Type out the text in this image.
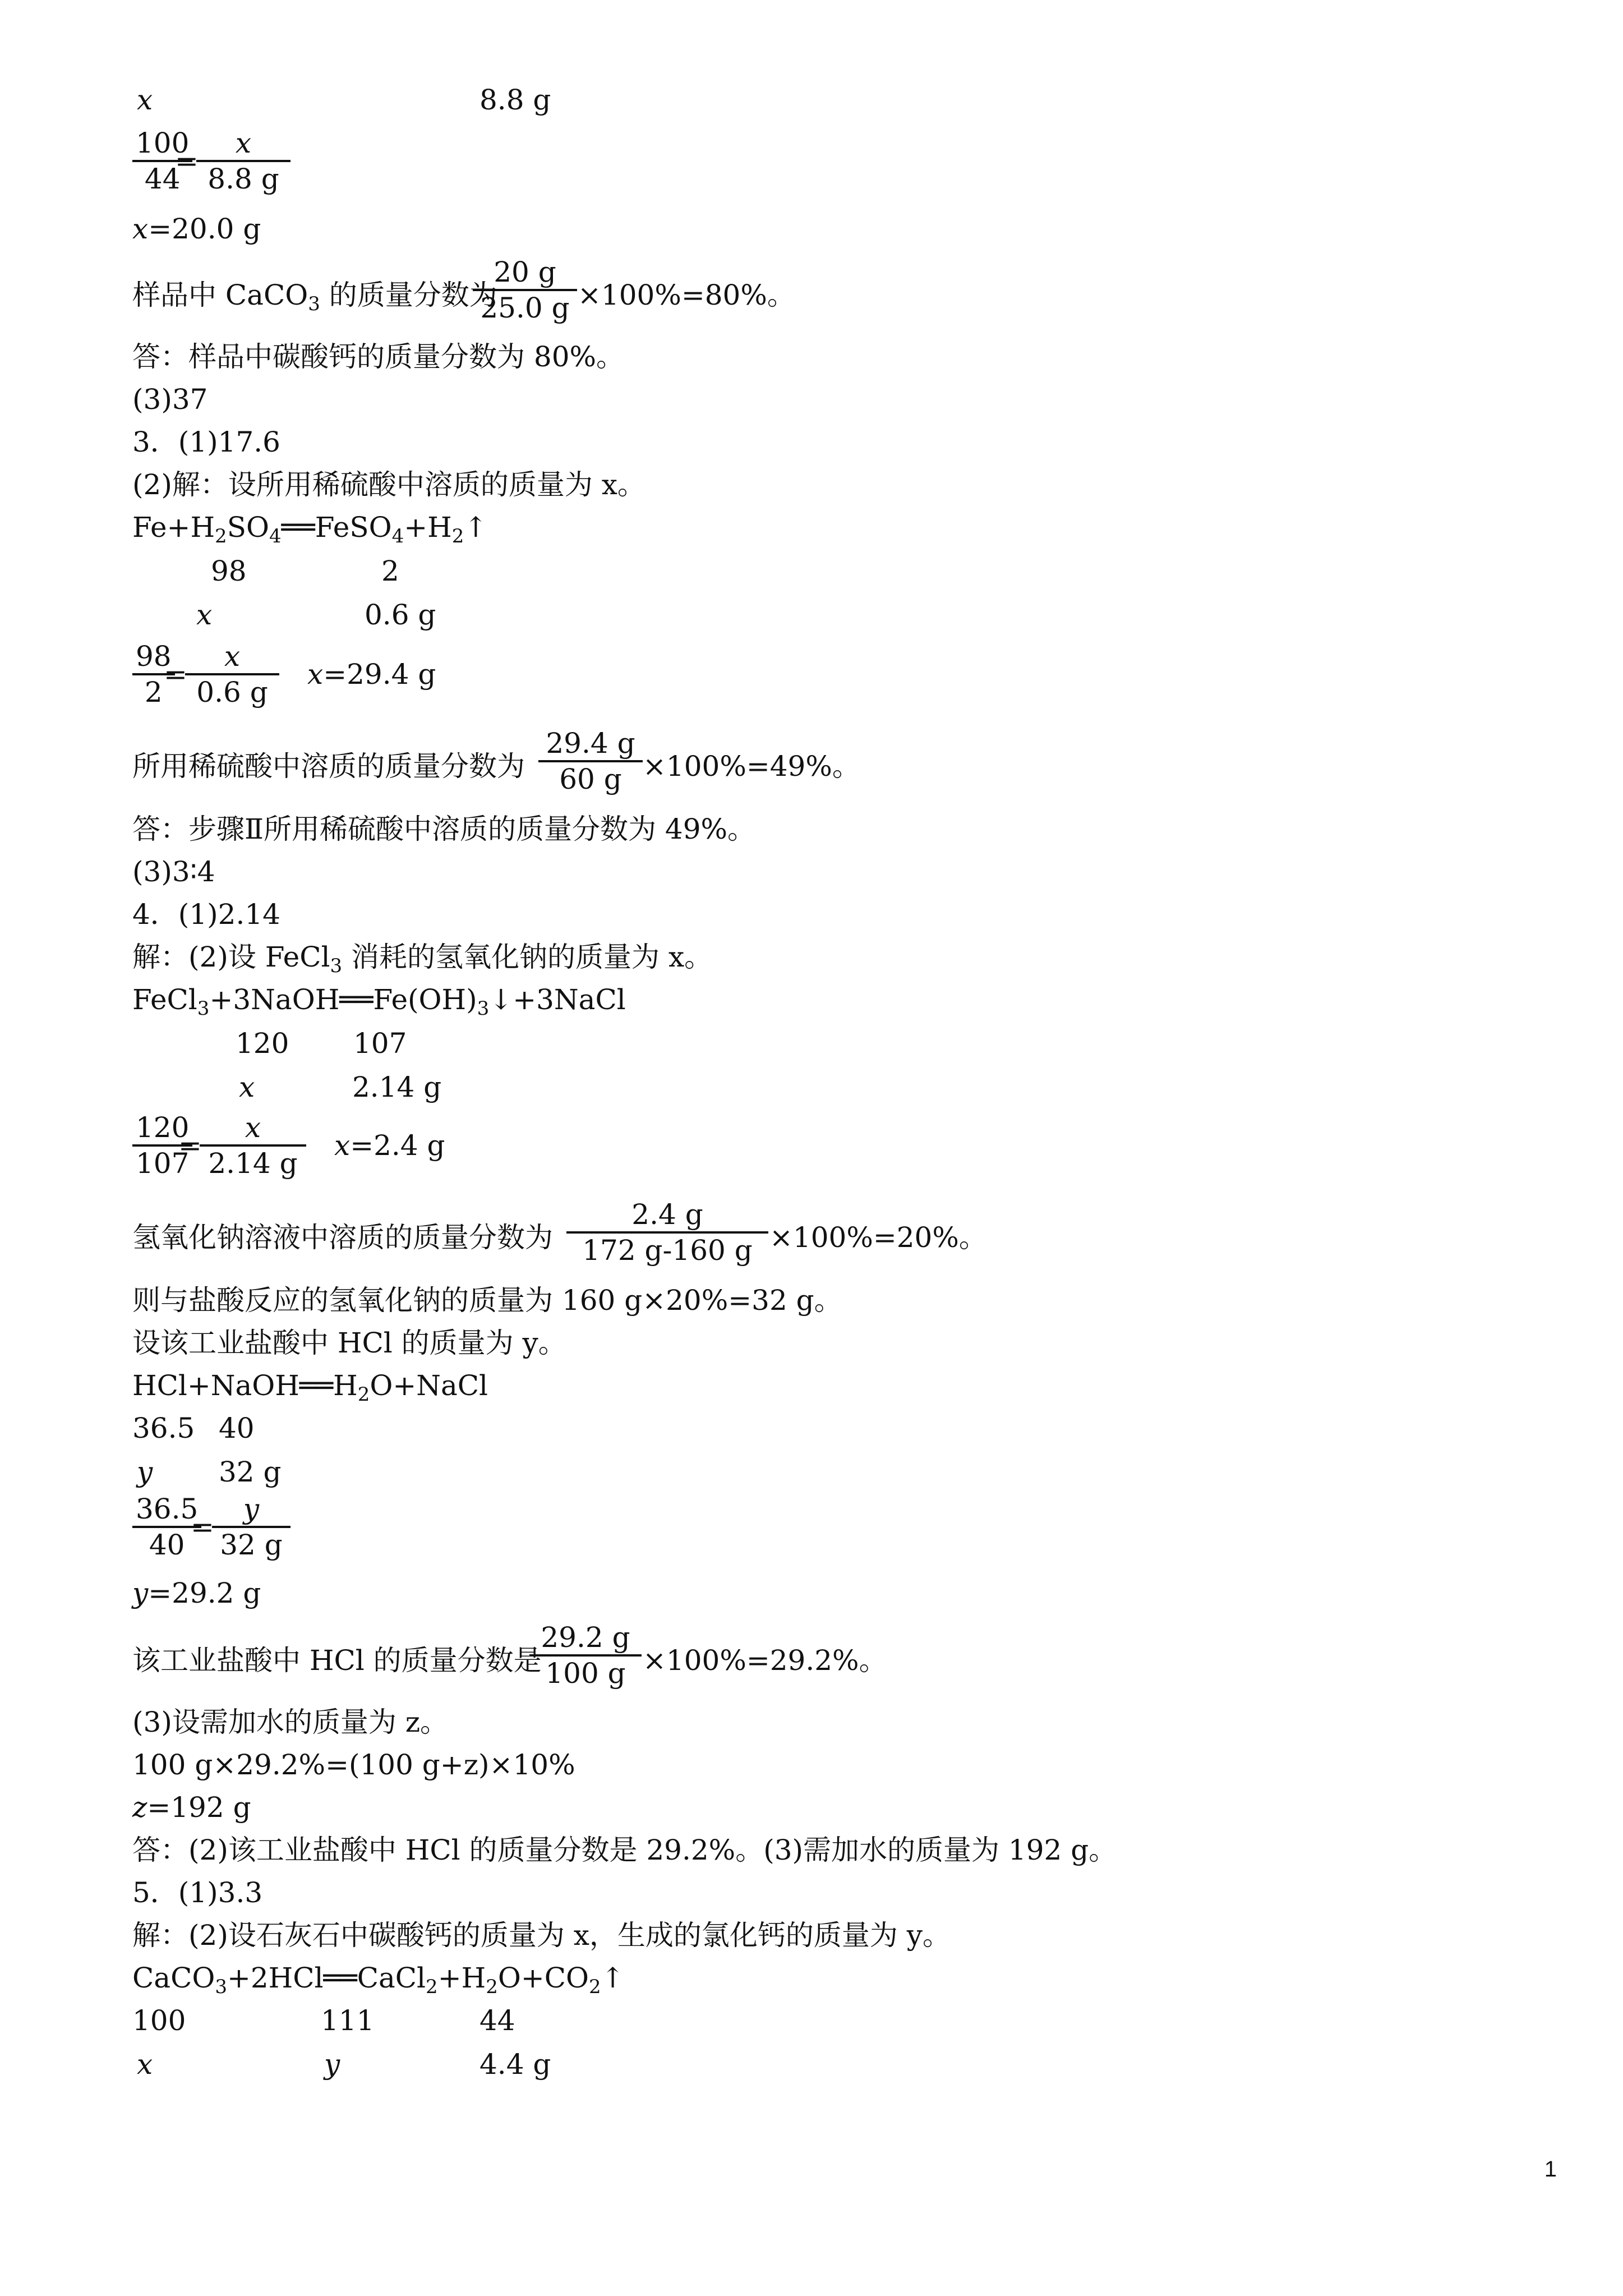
x	8.8 g
$\frac{100}{44}$
=
$\frac{x}{8.8 g}$
x=20.0 g
样品中 CaCO$_3$ 的质量分数为
$\frac{20 g}{25.0 g} \times 100\%=80\%$。
答：样品中碳酸钙的质量分数为 80%。
(3)37
3．(1)17.6
(2)解：设所用稀硫酸中溶质的质量为 x。
$Fe+H_2SO_4══FeSO_4+H_2↑$
98	2
x	0.6 g
$\frac{98}{2}$
=
$\frac{x}{0.6 g} x=29.4$ g
所用稀硫酸中溶质的质量分数为 $\frac{29.4 g}{60 g} \times 100\%=49\%$。
答：步骤Ⅱ所用稀硫酸中溶质的质量分数为 49%。
(3)3∶4
4．(1)2.14
解：(2)设 FeCl$_3$ 消耗的氢氧化钠的质量为 x。
$FeCl_3+3NaOH══Fe(OH)_3↓+3NaCl$
120 107
x	2.14 g
$\frac{120}{107}$
=
$\frac{x}{2.14 g} x=2.4$ g
氢氧化钠溶液中溶质的质量分数为 $\frac{2.4 g}{172 g-160 g} \times 100\%=20\%$。
则与盐酸反应的氢氧化钠的质量为 160 g×20%=32 g。
设该工业盐酸中 HCl 的质量为 y。
$HCl+NaOH══H_2O+NaCl$
36.5 40
y 32 g
$\frac{36.5}{40}$
=
$\frac{y}{32 g}$
y=29.2 g
该工业盐酸中 HCl 的质量分数是
$\frac{29.2 g}{100 g} \times 100\%=29.2\%$。
(3)设需加水的质量为 z。
100 g×29.2%=(100 g+z)×10%
z=192 g
答：(2)该工业盐酸中 HCl 的质量分数是 29.2%。(3)需加水的质量为 192 g。
5．(1)3.3
解：(2)设石灰石中碳酸钙的质量为 x，生成的氯化钙的质量为 y。
$CaCO_3+2HCl══CaCl_2+H_2O+CO_2↑$
100	111	44
x	y	4.4 g
1
